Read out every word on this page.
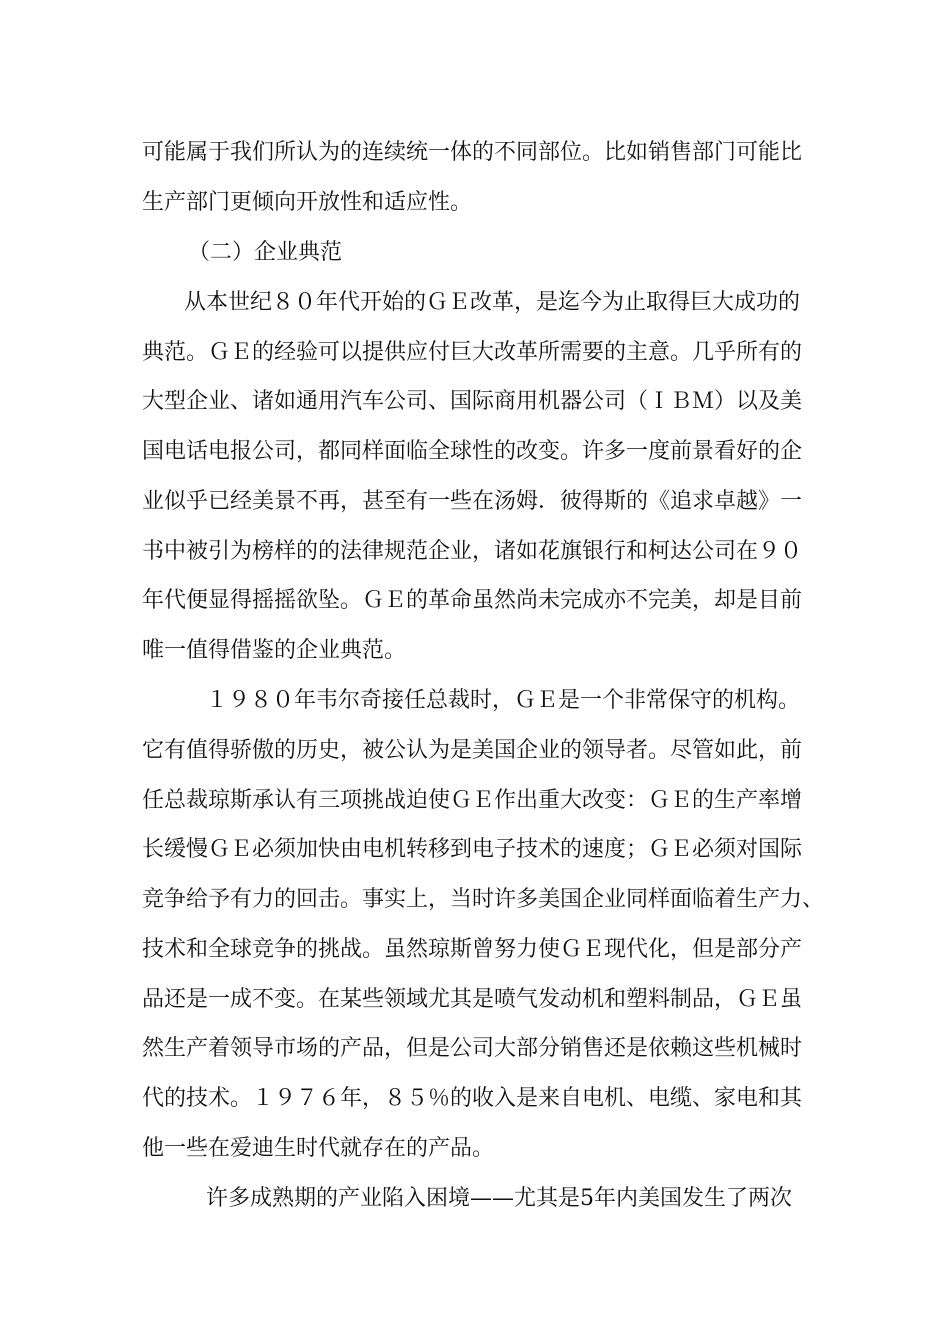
可能属于我们所认为的连续统一体的不同部位。比如销售部门可能比

生产部门更倾向开放性和适应性。

（二）企业典范

从本世纪８０年代开始的ＧＥ改革，是迄今为止取得巨大成功的

典范。ＧＥ的经验可以提供应付巨大改革所需要的主意。几乎所有的

大型企业、诸如通用汽车公司、国际商用机器公司（ＩＢＭ）以及美

国电话电报公司，都同样面临全球性的改变。许多一度前景看好的企

业似乎已经美景不再，甚至有一些在汤姆．彼得斯的《追求卓越》一

书中被引为榜样的的法律规范企业，诸如花旗银行和柯达公司在９０

年代便显得摇摇欲坠。ＧＥ的革命虽然尚未完成亦不完美，却是目前

唯一值得借鉴的企业典范。

１９８０年韦尔奇接任总裁时，ＧＥ是一个非常保守的机构。

它有值得骄傲的历史，被公认为是美国企业的领导者。尽管如此，前

任总裁琼斯承认有三项挑战迫使ＧＥ作出重大改变：ＧＥ的生产率增

长缓慢ＧＥ必须加快由电机转移到电子技术的速度；ＧＥ必须对国际

竞争给予有力的回击。事实上，当时许多美国企业同样面临着生产力、

技术和全球竞争的挑战。虽然琼斯曾努力使ＧＥ现代化，但是部分产

品还是一成不变。在某些领域尤其是喷气发动机和塑料制品，ＧＥ虽

然生产着领导市场的产品，但是公司大部分销售还是依赖这些机械时

代的技术。１９７６年，８５％的收入是来自电机、电缆、家电和其

他一些在爱迪生时代就存在的产品。

许多成熟期的产业陷入困境——尤其是5年内美国发生了两次
